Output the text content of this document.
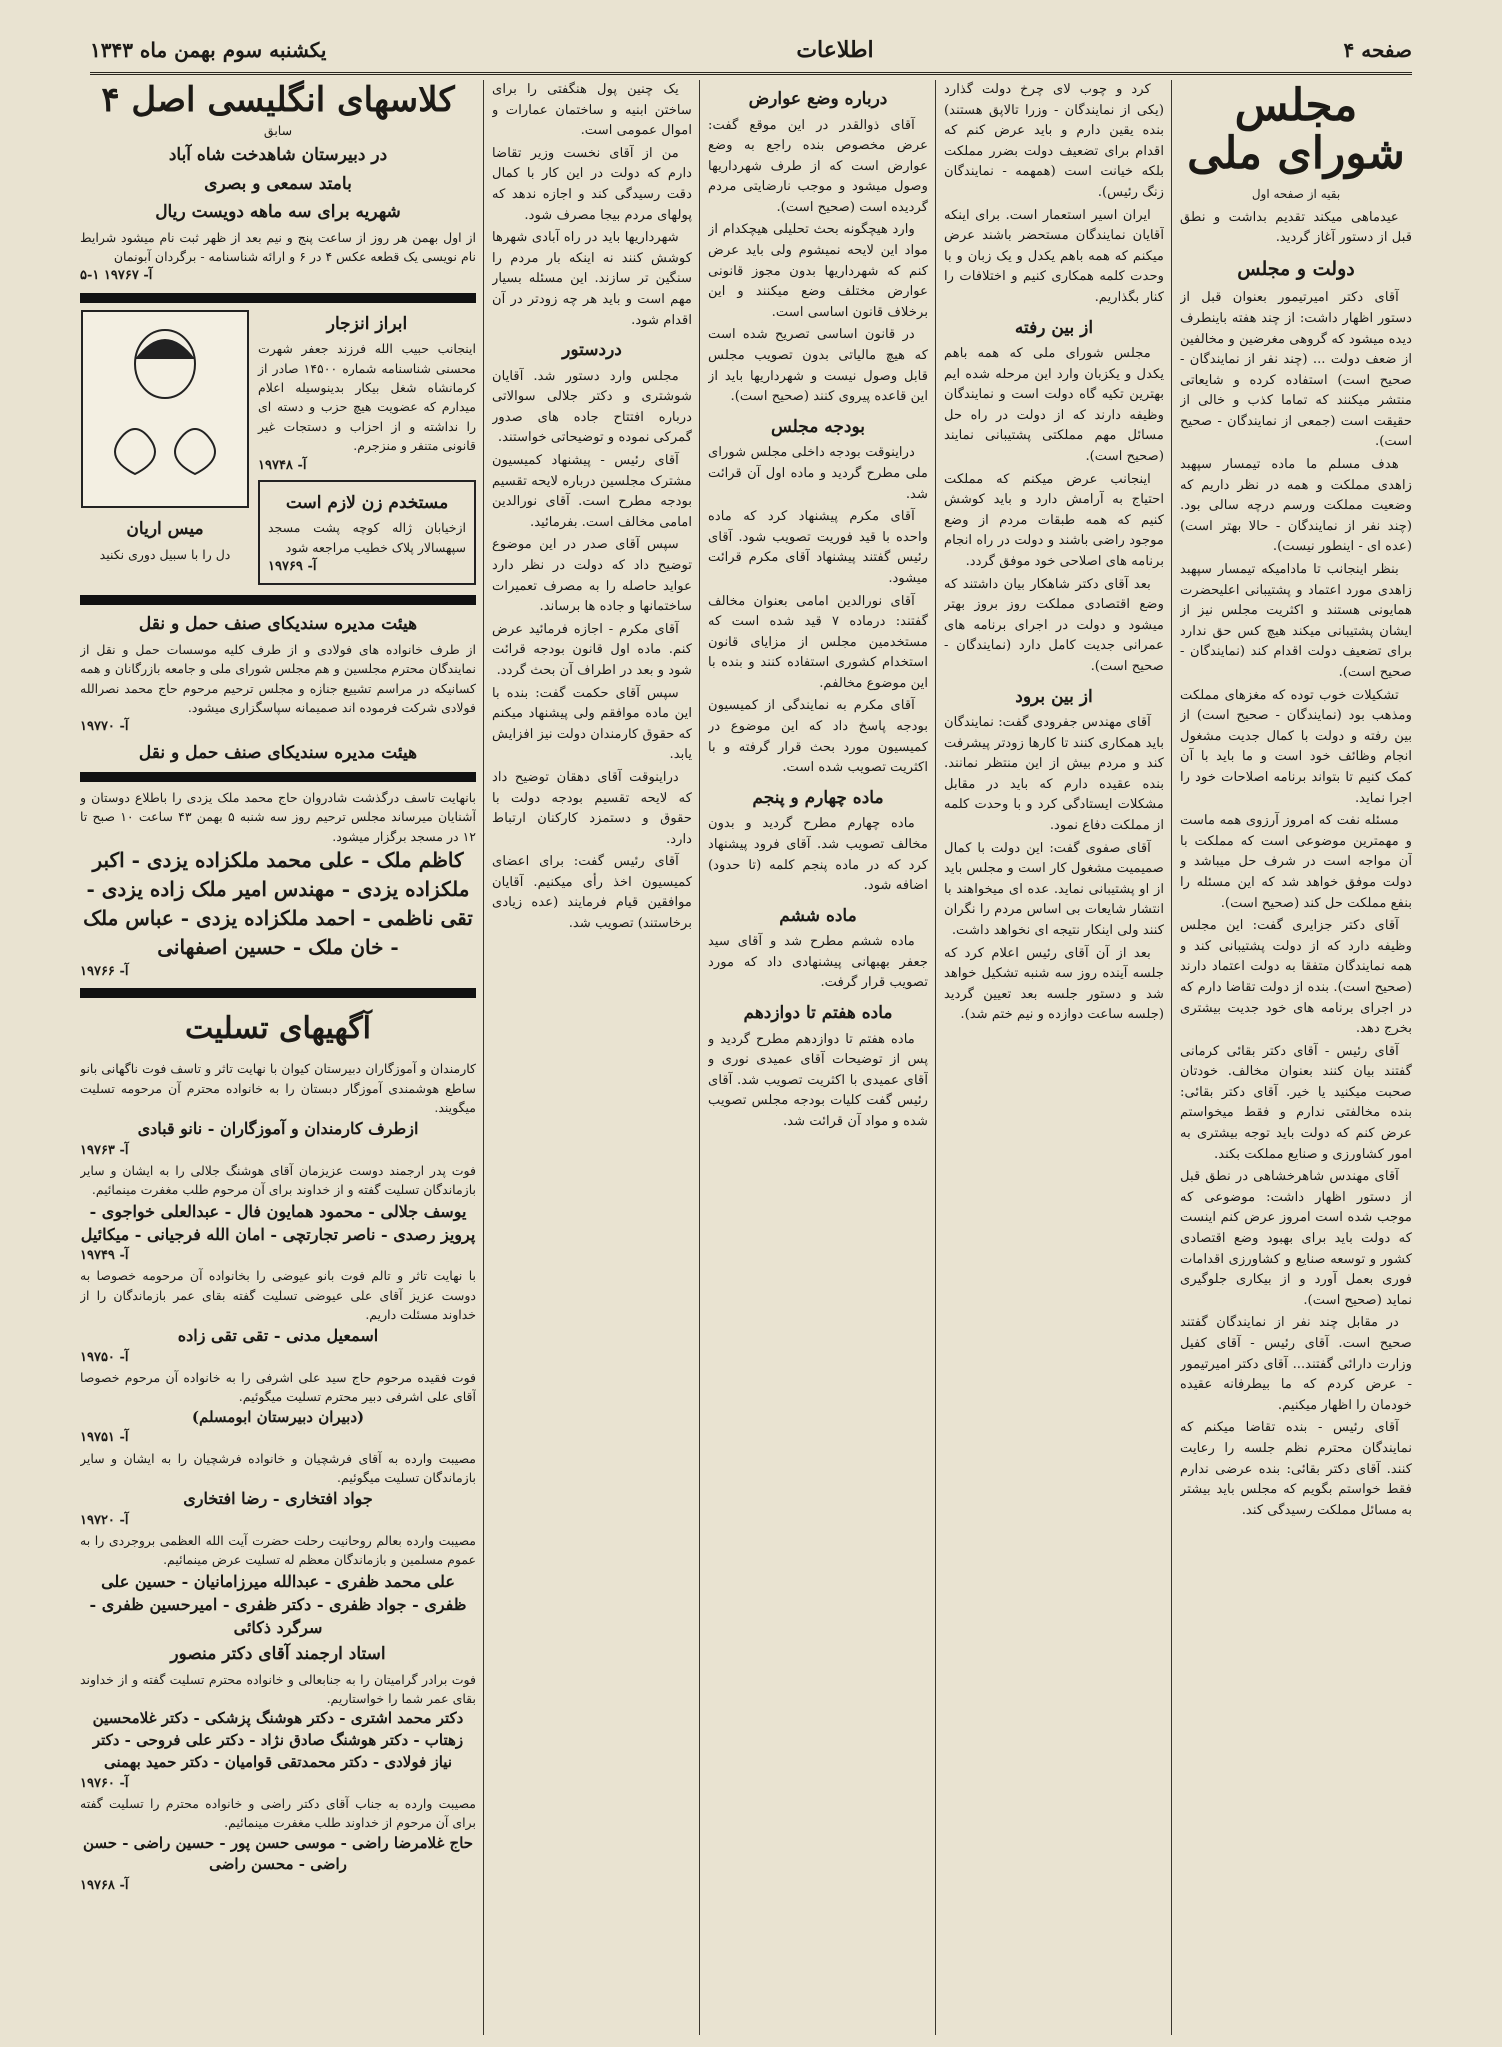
صفحه ۴
اطلاعات
یکشنبه سوم بهمن ماه ۱۳۴۳
مجلس شورای ملی
بقیه از صفحه اول

عیدماهی میکند تقدیم بداشت و نطق قبل از دستور آغاز گردید.

دولت و مجلس

آقای دکتر امیرتیمور بعنوان قبل از دستور اظهار داشت: از چند هفته باینطرف دیده میشود که گروهی مغرضین و مخالفین از ضعف دولت ... (چند نفر از نمایندگان - صحیح است) استفاده کرده و شایعاتی منتشر میکنند که تماما کذب و خالی از حقیقت است (جمعی از نمایندگان - صحیح است).

هدف مسلم ما ماده تیمسار سپهبد زاهدی مملکت و همه در نظر داریم که وضعیت مملکت ورسم درچه سالی بود. (چند نفر از نمایندگان - حالا بهتر است) (عده ای - اینطور نیست).

بنظر اینجانب تا مادامیکه تیمسار سپهبد زاهدی مورد اعتماد و پشتیبانی اعلیحضرت همایونی هستند و اکثریت مجلس نیز از ایشان پشتیبانی میکند هیچ کس حق ندارد برای تضعیف دولت اقدام کند (نمایندگان - صحیح است).

تشکیلات خوب توده که مغزهای مملکت ومذهب بود (نمایندگان - صحیح است) از بین رفته و دولت با کمال جدیت مشغول انجام وظائف خود است و ما باید با آن کمک کنیم تا بتواند برنامه اصلاحات خود را اجرا نماید.

مسئله نفت که امروز آرزوی همه ماست و مهمترین موضوعی است که مملکت با آن مواجه است در شرف حل میباشد و دولت موفق خواهد شد که این مسئله را بنفع مملکت حل کند (صحیح است).

آقای دکتر جزایری گفت: این مجلس وظیفه دارد که از دولت پشتیبانی کند و همه نمایندگان متفقا به دولت اعتماد دارند (صحیح است). بنده از دولت تقاضا دارم که در اجرای برنامه های خود جدیت بیشتری بخرج دهد.

آقای رئیس - آقای دکتر بقائی کرمانی گفتند بیان کنند بعنوان مخالف. خودتان صحبت میکنید یا خیر. آقای دکتر بقائی: بنده مخالفتی ندارم و فقط میخواستم عرض کنم که دولت باید توجه بیشتری به امور کشاورزی و صنایع مملکت بکند.

آقای مهندس شاهرخشاهی در نطق قبل از دستور اظهار داشت: موضوعی که موجب شده است امروز عرض کنم اینست که دولت باید برای بهبود وضع اقتصادی کشور و توسعه صنایع و کشاورزی اقدامات فوری بعمل آورد و از بیکاری جلوگیری نماید (صحیح است).

در مقابل چند نفر از نمایندگان گفتند صحیح است. آقای رئیس - آقای کفیل وزارت دارائی گفتند... آقای دکتر امیرتیمور - عرض کردم که ما بیطرفانه عقیده خودمان را اظهار میکنیم.

آقای رئیس - بنده تقاضا میکنم که نمایندگان محترم نظم جلسه را رعایت کنند. آقای دکتر بقائی: بنده عرضی ندارم فقط خواستم بگویم که مجلس باید بیشتر به مسائل مملکت رسیدگی کند.

کرد و چوب لای چرخ دولت گذارد (یکی از نمایندگان - وزرا تالاپق هستند) بنده یقین دارم و باید عرض کنم که اقدام برای تضعیف دولت بضرر مملکت بلکه خیانت است (همهمه - نمایندگان زنگ رئیس).

ایران اسیر استعمار است. برای اینکه آقایان نمایندگان مستحضر باشند عرض میکنم که همه باهم یکدل و یک زبان و با وحدت کلمه همکاری کنیم و اختلافات را کنار بگذاریم.

از بین رفته

مجلس شورای ملی که همه باهم یکدل و یکزبان وارد این مرحله شده ایم بهترین تکیه گاه دولت است و نمایندگان وظیفه دارند که از دولت در راه حل مسائل مهم مملکتی پشتیبانی نمایند (صحیح است).

اینجانب عرض میکنم که مملکت احتیاج به آرامش دارد و باید کوشش کنیم که همه طبقات مردم از وضع موجود راضی باشند و دولت در راه انجام برنامه های اصلاحی خود موفق گردد.

بعد آقای دکتر شاهکار بیان داشتند که وضع اقتصادی مملکت روز بروز بهتر میشود و دولت در اجرای برنامه های عمرانی جدیت کامل دارد (نمایندگان - صحیح است).

از بین برود

آقای مهندس جفرودی گفت: نمایندگان باید همکاری کنند تا کارها زودتر پیشرفت کند و مردم بیش از این منتظر نمانند. بنده عقیده دارم که باید در مقابل مشکلات ایستادگی کرد و با وحدت کلمه از مملکت دفاع نمود.

آقای صفوی گفت: این دولت با کمال صمیمیت مشغول کار است و مجلس باید از او پشتیبانی نماید. عده ای میخواهند با انتشار شایعات بی اساس مردم را نگران کنند ولی اینکار نتیجه ای نخواهد داشت.

بعد از آن آقای رئیس اعلام کرد که جلسه آینده روز سه شنبه تشکیل خواهد شد و دستور جلسه بعد تعیین گردید (جلسه ساعت دوازده و نیم ختم شد).

درباره وضع عوارض

آقای ذوالقدر در این موقع گفت: عرض مخصوص بنده راجع به وضع عوارض است که از طرف شهرداریها وصول میشود و موجب نارضایتی مردم گردیده است (صحیح است).

وارد هیچگونه بحث تحلیلی هیچکدام از مواد این لایحه نمیشوم ولی باید عرض کنم که شهرداریها بدون مجوز قانونی عوارض مختلف وضع میکنند و این برخلاف قانون اساسی است.

در قانون اساسی تصریح شده است که هیچ مالیاتی بدون تصویب مجلس قابل وصول نیست و شهرداریها باید از این قاعده پیروی کنند (صحیح است).

بودجه مجلس

دراینوقت بودجه داخلی مجلس شورای ملی مطرح گردید و ماده اول آن قرائت شد.

آقای مکرم پیشنهاد کرد که ماده واحده با قید فوریت تصویب شود. آقای رئیس گفتند پیشنهاد آقای مکرم قرائت میشود.

آقای نورالدین امامی بعنوان مخالف گفتند: درماده ۷ قید شده است که مستخدمین مجلس از مزایای قانون استخدام کشوری استفاده کنند و بنده با این موضوع مخالفم.

آقای مکرم به نمایندگی از کمیسیون بودجه پاسخ داد که این موضوع در کمیسیون مورد بحث قرار گرفته و با اکثریت تصویب شده است.

ماده چهارم و پنجم

ماده چهارم مطرح گردید و بدون مخالف تصویب شد. آقای فرود پیشنهاد کرد که در ماده پنجم کلمه (تا حدود) اضافه شود.

ماده ششم

ماده ششم مطرح شد و آقای سید جعفر بهبهانی پیشنهادی داد که مورد تصویب قرار گرفت.

ماده هفتم تا دوازدهم

ماده هفتم تا دوازدهم مطرح گردید و پس از توضیحات آقای عمیدی نوری و آقای عمیدی با اکثریت تصویب شد. آقای رئیس گفت کلیات بودجه مجلس تصویب شده و مواد آن قرائت شد.

یک چنین پول هنگفتی را برای ساختن ابنیه و ساختمان عمارات و اموال عمومی است.

من از آقای نخست وزیر تقاضا دارم که دولت در این کار با کمال دقت رسیدگی کند و اجازه ندهد که پولهای مردم بیجا مصرف شود.

شهرداریها باید در راه آبادی شهرها کوشش کنند نه اینکه بار مردم را سنگین تر سازند. این مسئله بسیار مهم است و باید هر چه زودتر در آن اقدام شود.

دردستور

مجلس وارد دستور شد. آقایان شوشتری و دکتر جلالی سوالاتی درباره افتتاح جاده های صدور گمرکی نموده و توضیحاتی خواستند.

آقای رئیس - پیشنهاد کمیسیون مشترک مجلسین درباره لایحه تقسیم بودجه مطرح است. آقای نورالدین امامی مخالف است. بفرمائید.

سپس آقای صدر در این موضوع توضیح داد که دولت در نظر دارد عواید حاصله را به مصرف تعمیرات ساختمانها و جاده ها برساند.

آقای مکرم - اجازه فرمائید عرض کنم. ماده اول قانون بودجه قرائت شود و بعد در اطراف آن بحث گردد.

سپس آقای حکمت گفت: بنده با این ماده موافقم ولی پیشنهاد میکنم که حقوق کارمندان دولت نیز افزایش یابد.

دراینوقت آقای دهقان توضیح داد که لایحه تقسیم بودجه دولت با حقوق و دستمزد کارکنان ارتباط دارد.

آقای رئیس گفت: برای اعضای کمیسیون اخذ رأی میکنیم. آقایان موافقین قیام فرمایند (عده زیادی برخاستند) تصویب شد.

کلاسهای انگلیسی اصل ۴
سابق
در دبیرستان شاهدخت شاه آباد
بامتد سمعی و بصری
شهریه برای سه ماهه دویست ریال
از اول بهمن هر روز از ساعت پنج و نیم بعد از ظهر ثبت نام میشود شرایط نام نویسی یک قطعه عکس ۴ در ۶ و ارائه شناسنامه - برگردان آبونمان
آ- ۱۹۷۶۷ ۱-۵
ابراز انزجار
اینجانب حبیب الله فرزند جعفر شهرت محسنی شناسنامه شماره ۱۴۵۰۰ صادر از کرمانشاه شغل بیکار بدینوسیله اعلام میدارم که عضویت هیچ حزب و دسته ای را نداشته و از احزاب و دستجات غیر قانونی متنفر و منزجرم.
آ- ۱۹۷۴۸
مستخدم زن لازم است
ازخیابان ژاله کوچه پشت مسجد سپهسالار پلاک خطیب مراجعه شود
آ- ۱۹۷۶۹
میس اریان
دل را با سبیل دوری نکنید
هیئت مدیره سندیکای صنف حمل و نقل
از طرف خانواده های فولادی و از طرف کلیه موسسات حمل و نقل از نمایندگان محترم مجلسین و هم مجلس شورای ملی و جامعه بازرگانان و همه کسانیکه در مراسم تشییع جنازه و مجلس ترحیم مرحوم حاج محمد نصرالله فولادی شرکت فرموده اند صمیمانه سپاسگزاری میشود.
آ- ۱۹۷۷۰
هیئت مدیره سندیکای صنف حمل و نقل
بانهایت تاسف درگذشت شادروان حاج محمد ملک یزدی را باطلاع دوستان و آشنایان میرساند مجلس ترحیم روز سه شنبه ۵ بهمن ۴۳ ساعت ۱۰ صبح تا ۱۲ در مسجد برگزار میشود.
کاظم ملک - علی محمد ملکزاده یزدی - اکبر ملکزاده یزدی - مهندس امیر ملک زاده یزدی - تقی ناظمی - احمد ملکزاده یزدی - عباس ملک - خان ملک - حسین اصفهانی
آ- ۱۹۷۶۶
آگهیهای تسلیت
کارمندان و آموزگاران دبیرستان کیوان با نهایت تاثر و تاسف فوت ناگهانی بانو ساطع هوشمندی آموزگار دبستان را به خانواده محترم آن مرحومه تسلیت میگویند.
ازطرف کارمندان و آموزگاران - نانو قبادی
آ- ۱۹۷۶۳
فوت پدر ارجمند دوست عزیزمان آقای هوشنگ جلالی را به ایشان و سایر بازماندگان تسلیت گفته و از خداوند برای آن مرحوم طلب مغفرت مینمائیم.
یوسف جلالی - محمود همایون فال - عبدالعلی خواجوی - پرویز رصدی - ناصر تجارتچی - امان الله فرجیانی - میکائیل
آ- ۱۹۷۴۹
با نهایت تاثر و تالم فوت بانو عیوضی را بخانواده آن مرحومه خصوصا به دوست عزیز آقای علی عیوضی تسلیت گفته بقای عمر بازماندگان را از خداوند مسئلت داریم.
اسمعیل مدنی - تقی تقی زاده
آ- ۱۹۷۵۰
فوت فقیده مرحوم حاج سید علی اشرفی را به خانواده آن مرحوم خصوصا آقای علی اشرفی دبیر محترم تسلیت میگوئیم.
(دبیران دبیرستان ابومسلم)
آ- ۱۹۷۵۱
مصیبت وارده به آقای فرشچیان و خانواده فرشچیان را به ایشان و سایر بازماندگان تسلیت میگوئیم.
جواد افتخاری - رضا افتخاری
آ- ۱۹۷۲۰
مصیبت وارده بعالم روحانیت رحلت حضرت آیت الله العظمی بروجردی را به عموم مسلمین و بازماندگان معظم له تسلیت عرض مینمائیم.
علی محمد ظفری - عبدالله میرزامانیان - حسین علی ظفری - جواد ظفری - دکتر ظفری - امیرحسین ظفری - سرگرد ذکائی
استاد ارجمند آقای دکتر منصور
فوت برادر گرامیتان را به جنابعالی و خانواده محترم تسلیت گفته و از خداوند بقای عمر شما را خواستاریم.
دکتر محمد اشتری - دکتر هوشنگ پزشکی - دکتر غلامحسین زهتاب - دکتر هوشنگ صادق نژاد - دکتر علی فروحی - دکتر نیاز فولادی - دکتر محمدتقی قوامیان - دکتر حمید بهمنی
آ- ۱۹۷۶۰
مصیبت وارده به جناب آقای دکتر راضی و خانواده محترم را تسلیت گفته برای آن مرحوم از خداوند طلب مغفرت مینمائیم.
حاج غلامرضا راضی - موسی حسن پور - حسین راضی - حسن راضی - محسن راضی
آ- ۱۹۷۶۸
